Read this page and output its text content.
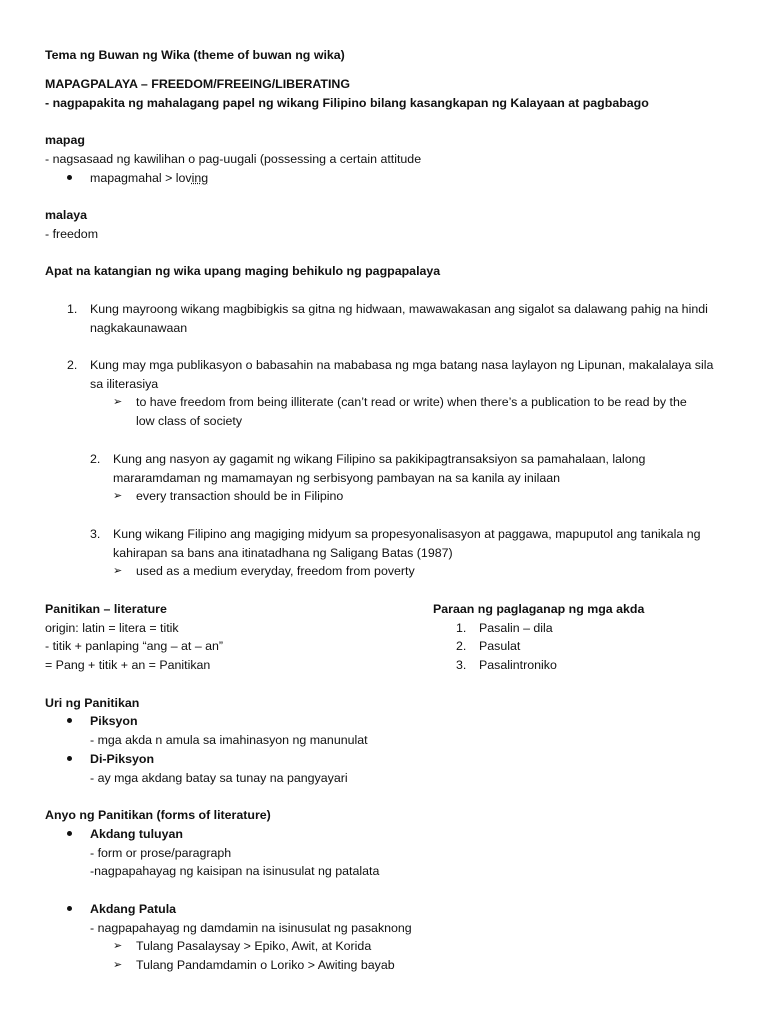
Tema ng Buwan ng Wika (theme of buwan ng wika)
MAPAGPALAYA – FREEDOM/FREEING/LIBERATING
- nagpapakita ng mahalagang papel ng wikang Filipino bilang kasangkapan ng Kalayaan at pagbabago
mapag
- nagsasaad ng kawilihan o pag-uugali (possessing a certain attitude
mapagmahal > loving
malaya
- freedom
Apat na katangian ng wika upang maging behikulo ng pagpapalaya
1. Kung mayroong wikang magbibigkis sa gitna ng hidwaan, mawawakasan ang sigalot sa dalawang pahig na hindi
nagkakaunawaan
2. Kung may mga publikasyon o babasahin na mababasa ng mga batang nasa laylayon ng Lipunan, makalalaya sila
sa iliterasiya
➢ to have freedom from being illiterate (can’t read or write) when there’s a publication to be read by the
low class of society
2. Kung ang nasyon ay gagamit ng wikang Filipino sa pakikipagtransaksiyon sa pamahalaan, lalong
mararamdaman ng mamamayan ng serbisyong pambayan na sa kanila ay inilaan
➢ every transaction should be in Filipino
3. Kung wikang Filipino ang magiging midyum sa propesyonalisasyon at paggawa, mapuputol ang tanikala ng
kahirapan sa bans ana itinatadhana ng Saligang Batas (1987)
➢ used as a medium everyday, freedom from poverty
Panitikan – literature
origin: latin = litera = titik
- titik + panlaping “ang – at – an”
= Pang + titik + an = Panitikan
Paraan ng paglaganap ng mga akda
1. Pasalin – dila
2. Pasulat
3. Pasalintroniko
Uri ng Panitikan
Piksyon
- mga akda n amula sa imahinasyon ng manunulat
Di-Piksyon
- ay mga akdang batay sa tunay na pangyayari
Anyo ng Panitikan (forms of literature)
Akdang tuluyan
- form or prose/paragraph
-nagpapahayag ng kaisipan na isinusulat ng patalata
Akdang Patula
- nagpapahayag ng damdamin na isinusulat ng pasaknong
➢ Tulang Pasalaysay > Epiko, Awit, at Korida
➢ Tulang Pandamdamin o Loriko > Awiting bayab
